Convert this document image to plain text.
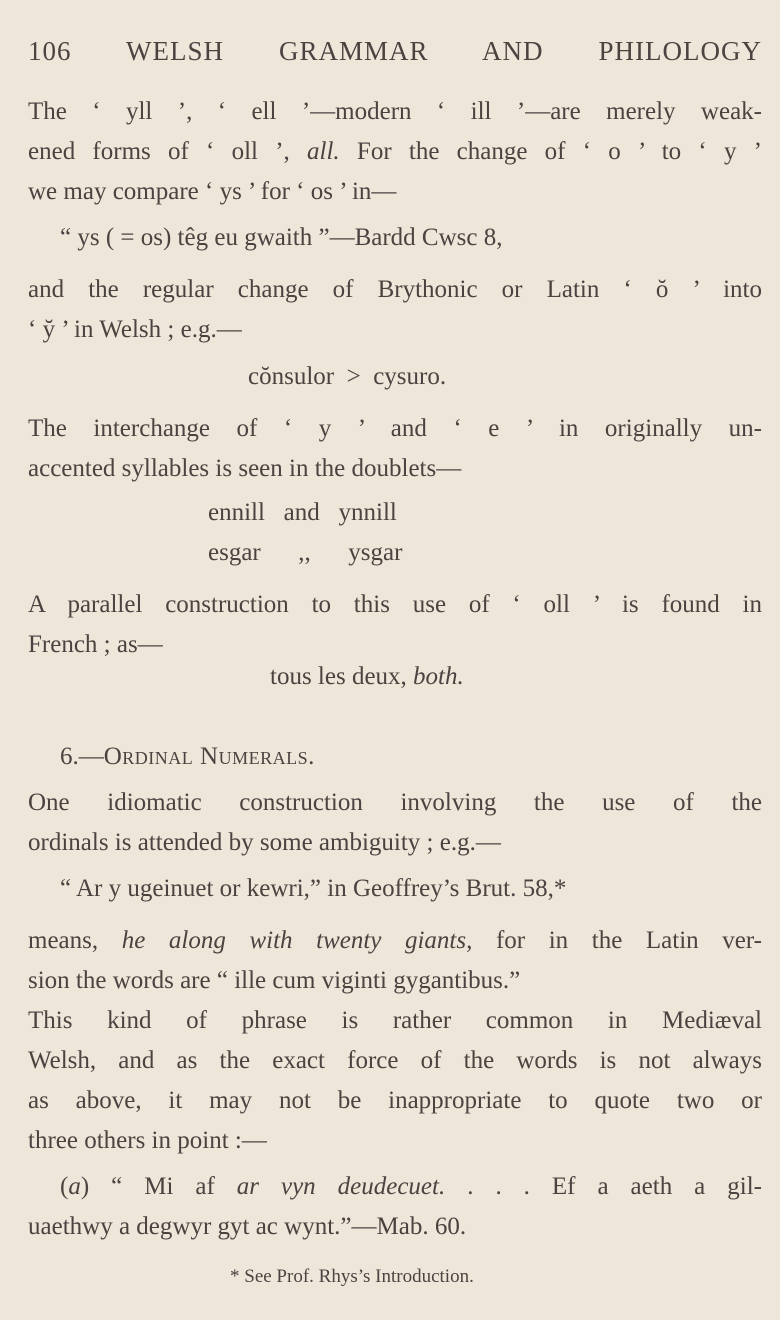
106 WELSH GRAMMAR AND PHILOLOGY
The ‘ yll ’, ‘ ell ’—modern ‘ ill ’—are merely weak-
ened forms of ‘ oll ’, all. For the change of ‘ o ’ to ‘ y ’
we may compare ‘ ys ’ for ‘ os ’ in—
“ ys ( = os) têg eu gwaith ”—Bardd Cwsc 8,
and the regular change of Brythonic or Latin ‘ ŏ ’ into
‘ y̆ ’ in Welsh ; e.g.—
cŏnsulor  >  cysuro.
The interchange of ‘ y ’ and ‘ e ’ in originally un-
accented syllables is seen in the doublets—
ennill   and   ynnill
esgar      ,,      ysgar
A parallel construction to this use of ‘ oll ’ is found in
French ; as—
tous les deux, both.
6.—Ordinal Numerals.
One idiomatic construction involving the use of the
ordinals is attended by some ambiguity ; e.g.—
“ Ar y ugeinuet or kewri,” in Geoffrey’s Brut. 58,*
means, he along with twenty giants, for in the Latin ver-
sion the words are “ ille cum viginti gygantibus.”
This kind of phrase is rather common in Mediæval
Welsh, and as the exact force of the words is not always
as above, it may not be inappropriate to quote two or
three others in point :—
(a) “ Mi af ar vyn deudecuet. . . . Ef a aeth a gil-
uaethwy a degwyr gyt ac wynt.”—Mab. 60.
* See Prof. Rhys’s Introduction.
